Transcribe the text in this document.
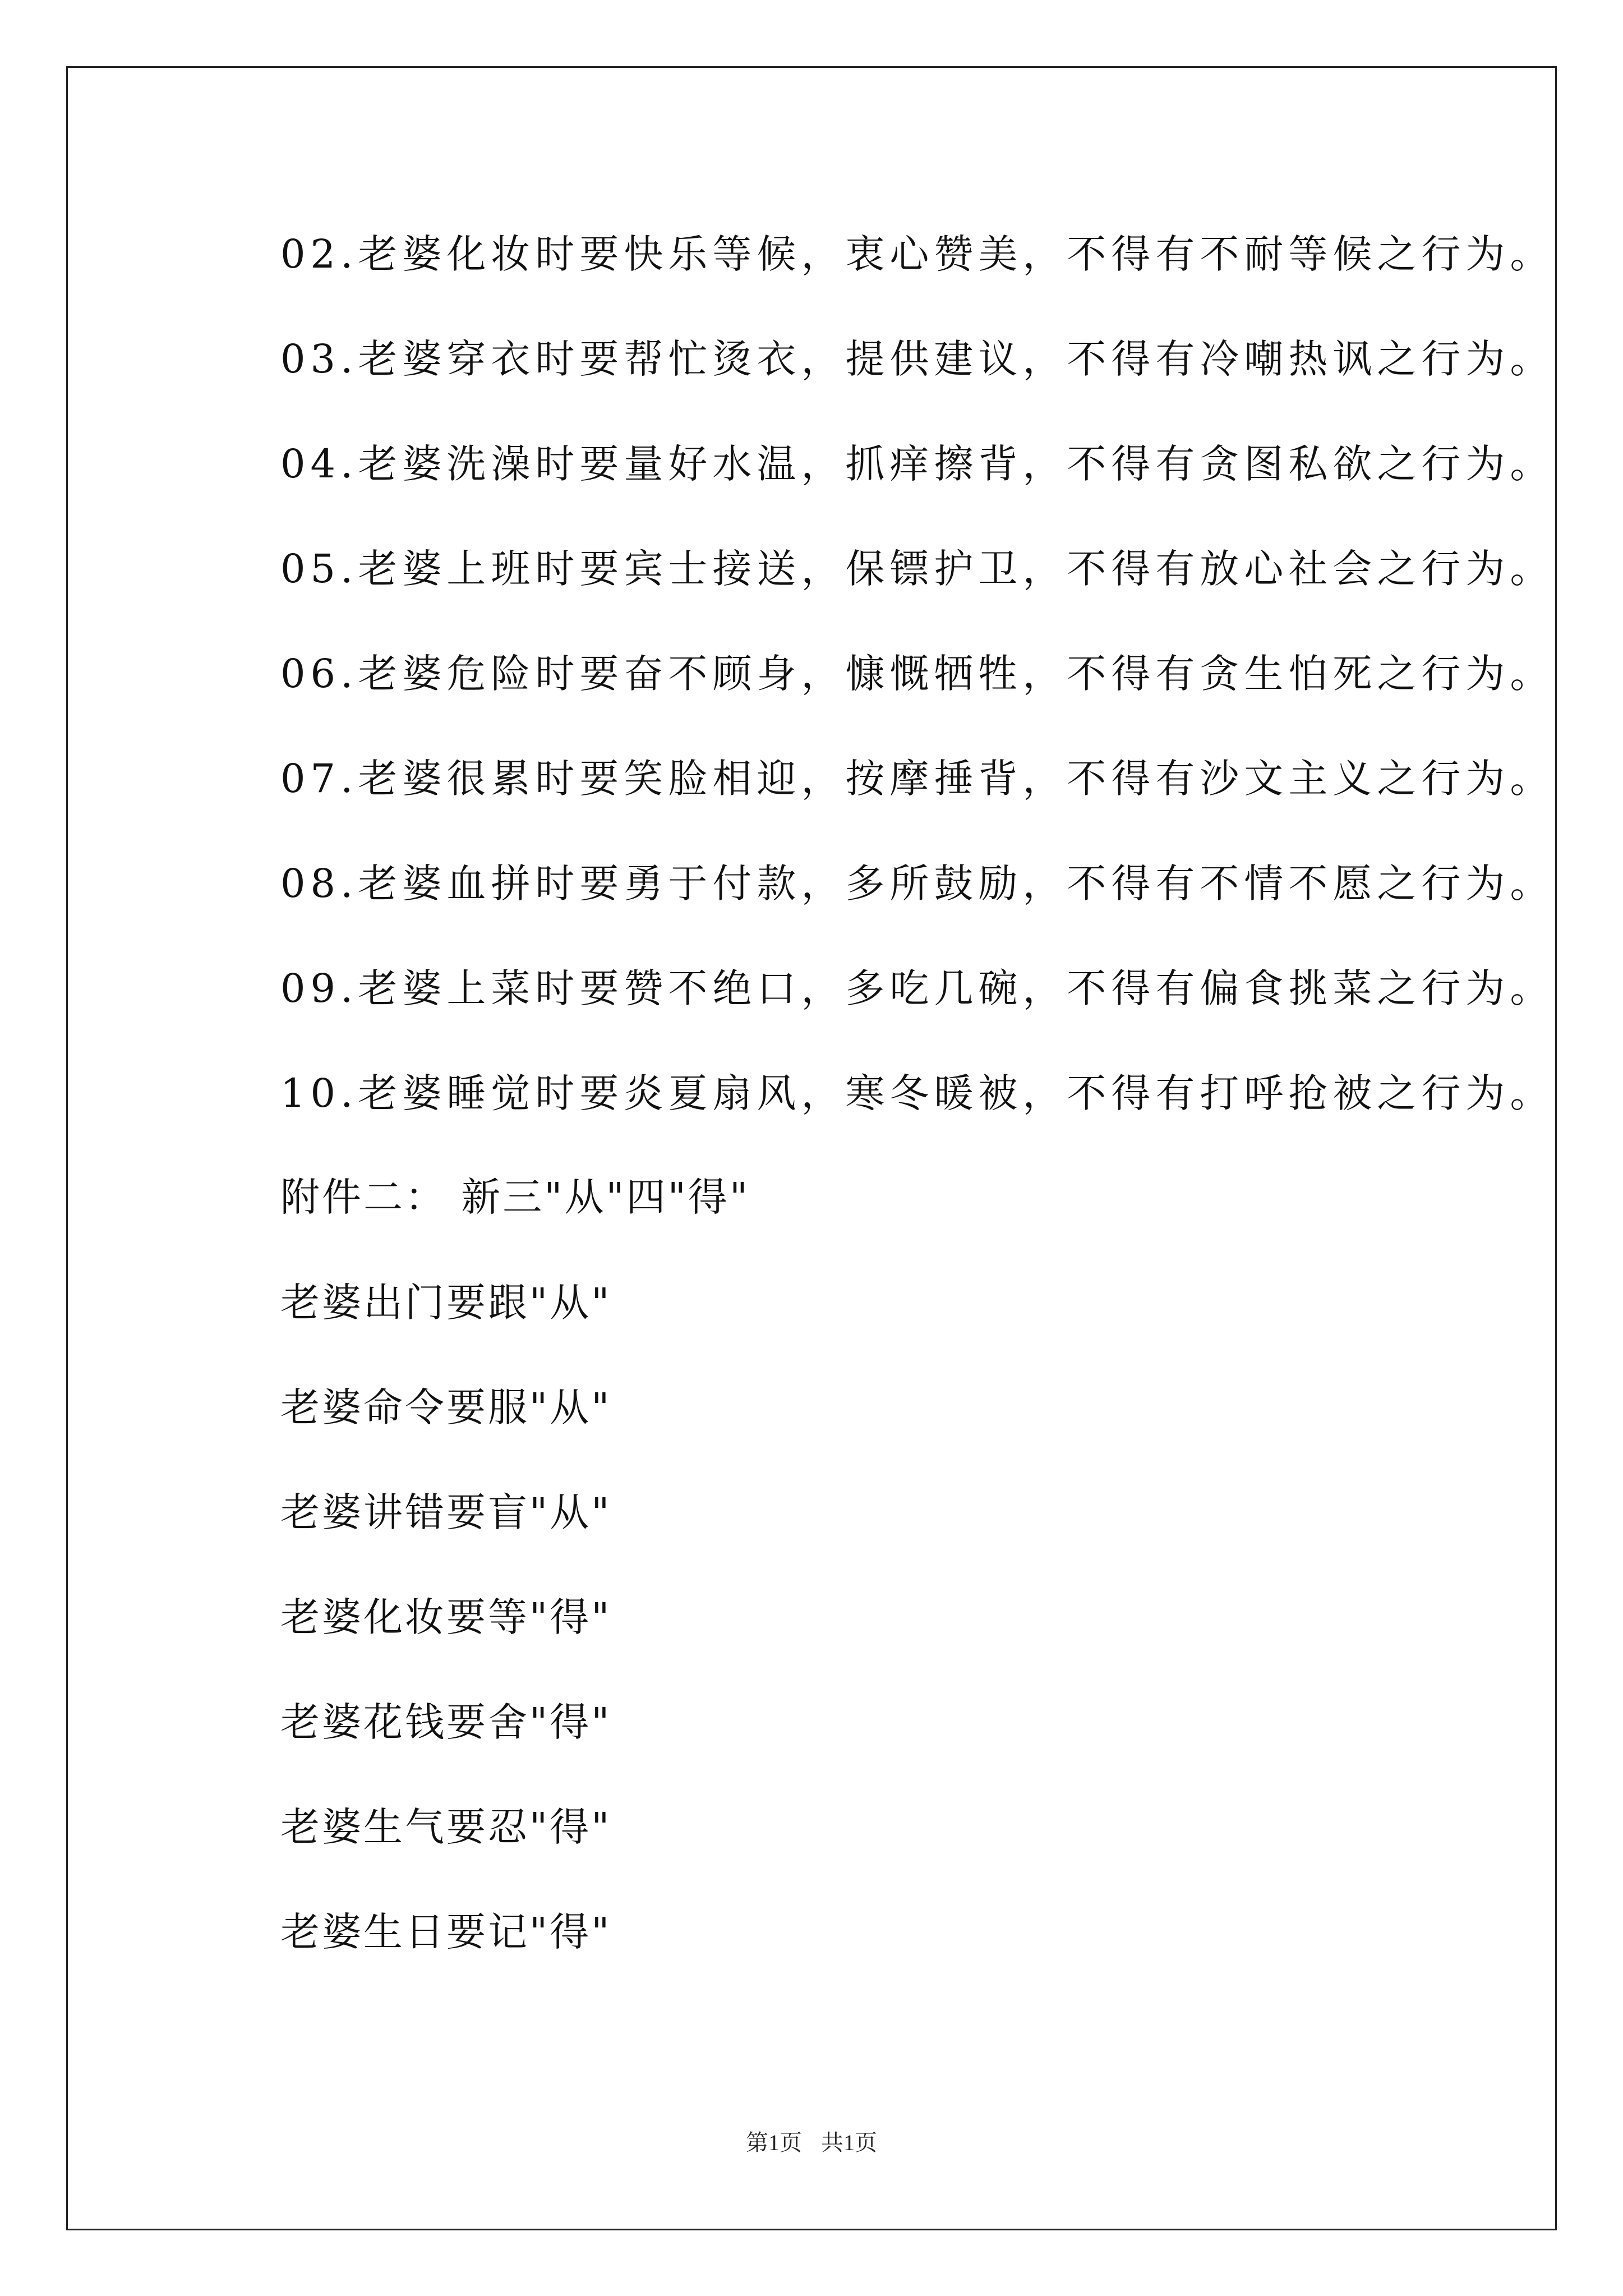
02.老婆化妆时要快乐等候，衷心赞美，不得有不耐等候之行为。
03.老婆穿衣时要帮忙烫衣，提供建议，不得有冷嘲热讽之行为。
04.老婆洗澡时要量好水温，抓痒擦背，不得有贪图私欲之行为。
05.老婆上班时要宾士接送，保镖护卫，不得有放心社会之行为。
06.老婆危险时要奋不顾身，慷慨牺牲，不得有贪生怕死之行为。
07.老婆很累时要笑脸相迎，按摩捶背，不得有沙文主义之行为。
08.老婆血拼时要勇于付款，多所鼓励，不得有不情不愿之行为。
09.老婆上菜时要赞不绝口，多吃几碗，不得有偏食挑菜之行为。
10.老婆睡觉时要炎夏扇风，寒冬暖被，不得有打呼抢被之行为。
附件二： 新三"从"四"得"
老婆出门要跟"从"
老婆命令要服"从"
老婆讲错要盲"从"
老婆化妆要等"得"
老婆花钱要舍"得"
老婆生气要忍"得"
老婆生日要记"得"
第1页 共1页
